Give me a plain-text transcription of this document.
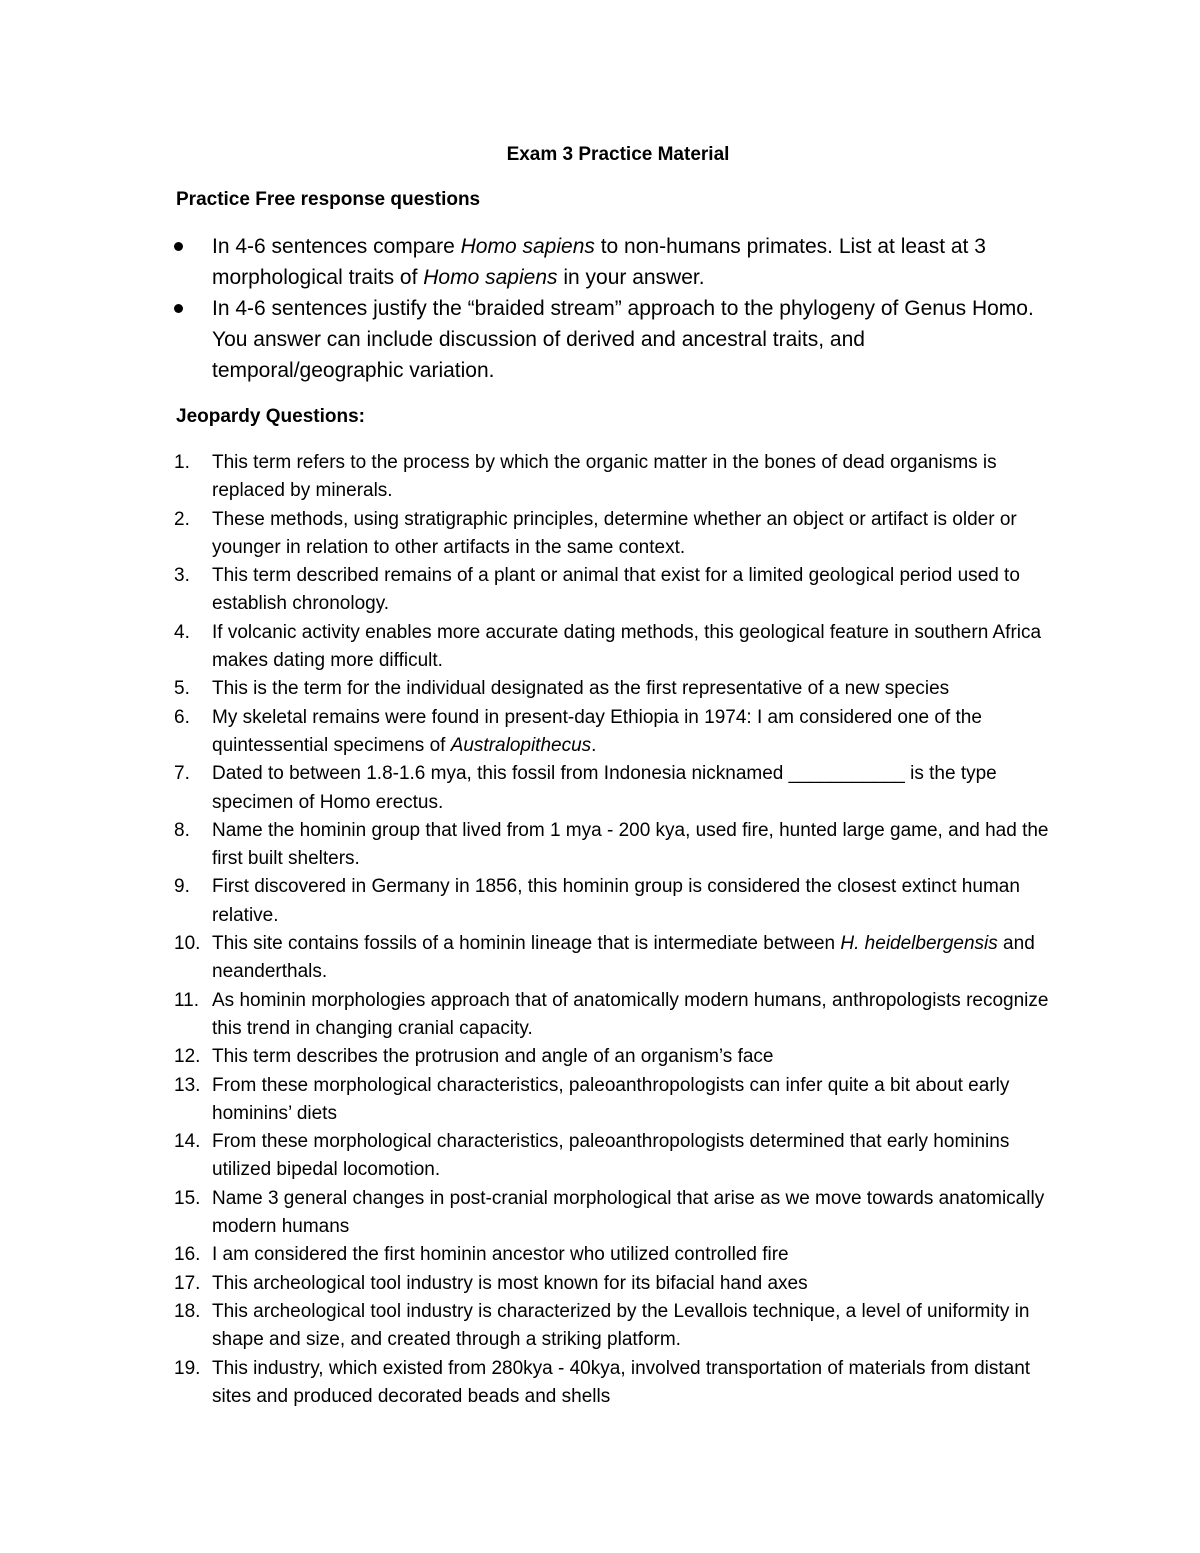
Exam 3 Practice Material
Practice Free response questions
In 4-6 sentences compare Homo sapiens to non-humans primates. List at least at 3 morphological traits of Homo sapiens in your answer.
In 4-6 sentences justify the “braided stream” approach to the phylogeny of Genus Homo. You answer can include discussion of derived and ancestral traits, and temporal/geographic variation.
Jeopardy Questions:
1.	This term refers to the process by which the organic matter in the bones of dead organisms is replaced by minerals.
2.	These methods, using stratigraphic principles, determine whether an object or artifact is older or younger in relation to other artifacts in the same context.
3.	This term described remains of a plant or animal that exist for a limited geological period used to establish chronology.
4.	If volcanic activity enables more accurate dating methods, this geological feature in southern Africa makes dating more difficult.
5.	This is the term for the individual designated as the first representative of a new species
6.	My skeletal remains were found in present-day Ethiopia in 1974: I am considered one of the quintessential specimens of Australopithecus.
7.	Dated to between 1.8-1.6 mya, this fossil from Indonesia nicknamed ___________ is the type specimen of Homo erectus.
8.	Name the hominin group that lived from 1 mya - 200 kya, used fire, hunted large game, and had the first built shelters.
9.	First discovered in Germany in 1856, this hominin group is considered the closest extinct human relative.
10. This site contains fossils of a hominin lineage that is intermediate between H. heidelbergensis and neanderthals.
11. As hominin morphologies approach that of anatomically modern humans, anthropologists recognize this trend in changing cranial capacity.
12. This term describes the protrusion and angle of an organism’s face
13. From these morphological characteristics, paleoanthropologists can infer quite a bit about early hominins’ diets
14. From these morphological characteristics, paleoanthropologists determined that early hominins utilized bipedal locomotion.
15. Name 3 general changes in post-cranial morphological that arise as we move towards anatomically modern humans
16. I am considered the first hominin ancestor who utilized controlled fire
17. This archeological tool industry is most known for its bifacial hand axes
18. This archeological tool industry is characterized by the Levallois technique, a level of uniformity in shape and size, and created through a striking platform.
19. This industry, which existed from 280kya - 40kya, involved transportation of materials from distant sites and produced decorated beads and shells
